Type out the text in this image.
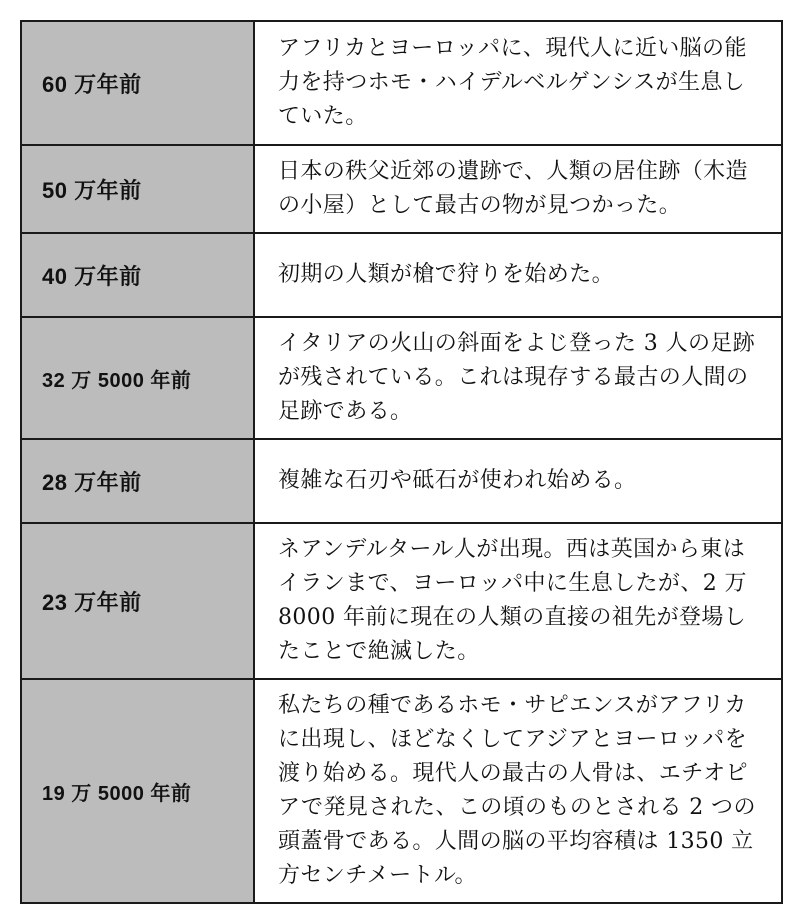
60 万年前	アフリカとヨーロッパに、現代人に近い脳の能力を持つホモ・ハイデルベルゲンシスが生息していた。
50 万年前	日本の秩父近郊の遺跡で、人類の居住跡（木造の小屋）として最古の物が見つかった。
40 万年前	初期の人類が槍で狩りを始めた。
32 万 5000 年前	イタリアの火山の斜面をよじ登った 3 人の足跡が残されている。これは現存する最古の人間の足跡である。
28 万年前	複雑な石刃や砥石が使われ始める。
23 万年前	ネアンデルタール人が出現。西は英国から東はイランまで、ヨーロッパ中に生息したが、2 万 8000 年前に現在の人類の直接の祖先が登場したことで絶滅した。
19 万 5000 年前	私たちの種であるホモ・サピエンスがアフリカに出現し、ほどなくしてアジアとヨーロッパを渡り始める。現代人の最古の人骨は、エチオピアで発見された、この頃のものとされる 2 つの頭蓋骨である。人間の脳の平均容積は 1350 立方センチメートル。
